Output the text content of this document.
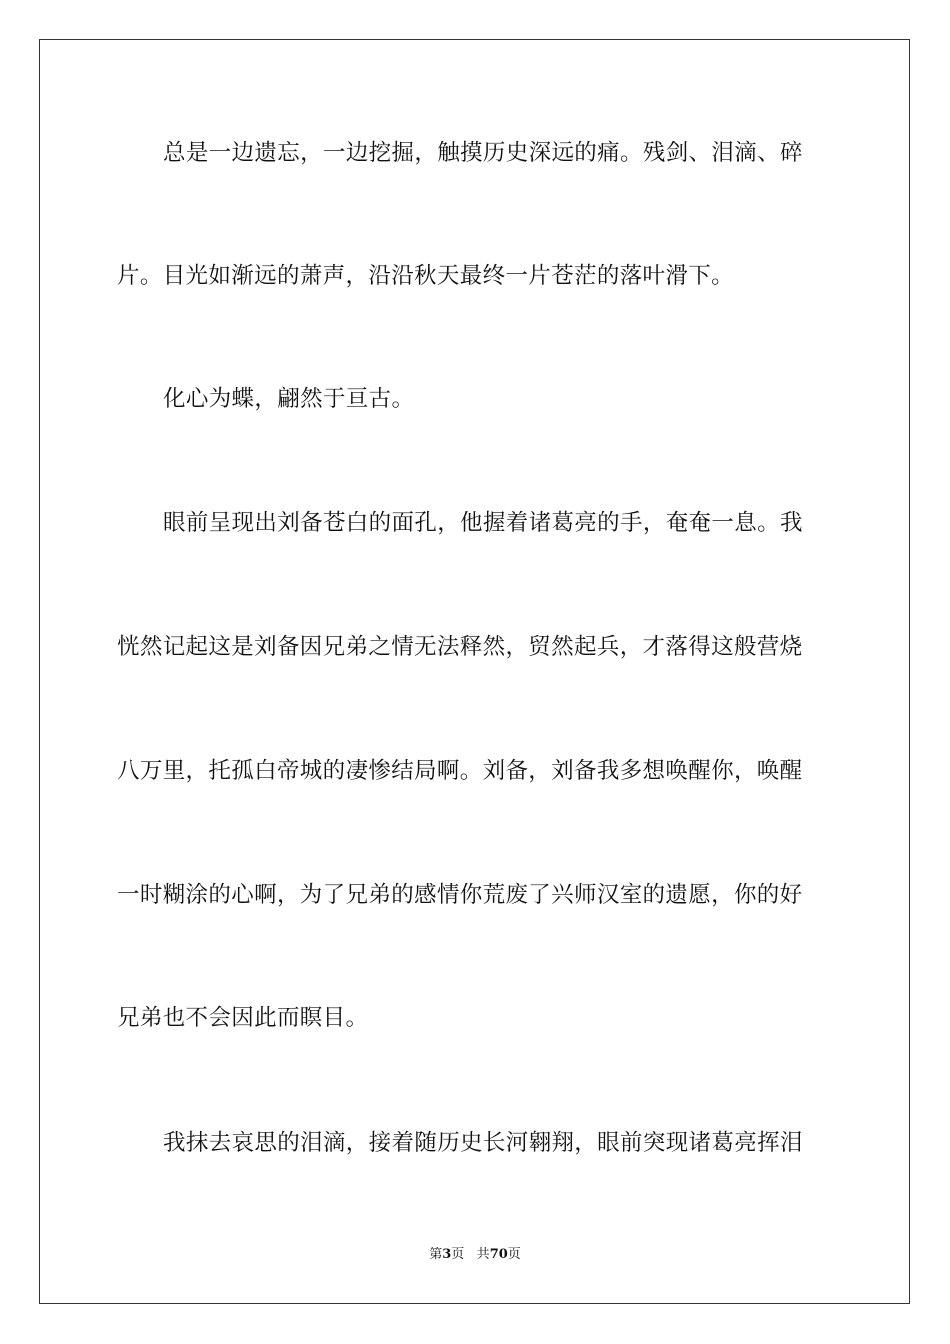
总是一边遗忘，一边挖掘，触摸历史深远的痛。残剑、泪滴、碎
片。目光如渐远的萧声，沿沿秋天最终一片苍茫的落叶滑下。
化心为蝶，翩然于亘古。
眼前呈现出刘备苍白的面孔，他握着诸葛亮的手，奄奄一息。我
恍然记起这是刘备因兄弟之情无法释然，贸然起兵，才落得这般营烧
八万里，托孤白帝城的凄惨结局啊。刘备，刘备我多想唤醒你，唤醒
一时糊涂的心啊，为了兄弟的感情你荒废了兴师汉室的遗愿，你的好
兄弟也不会因此而瞑目。
我抹去哀思的泪滴，接着随历史长河翱翔，眼前突现诸葛亮挥泪
第3页 共70页
